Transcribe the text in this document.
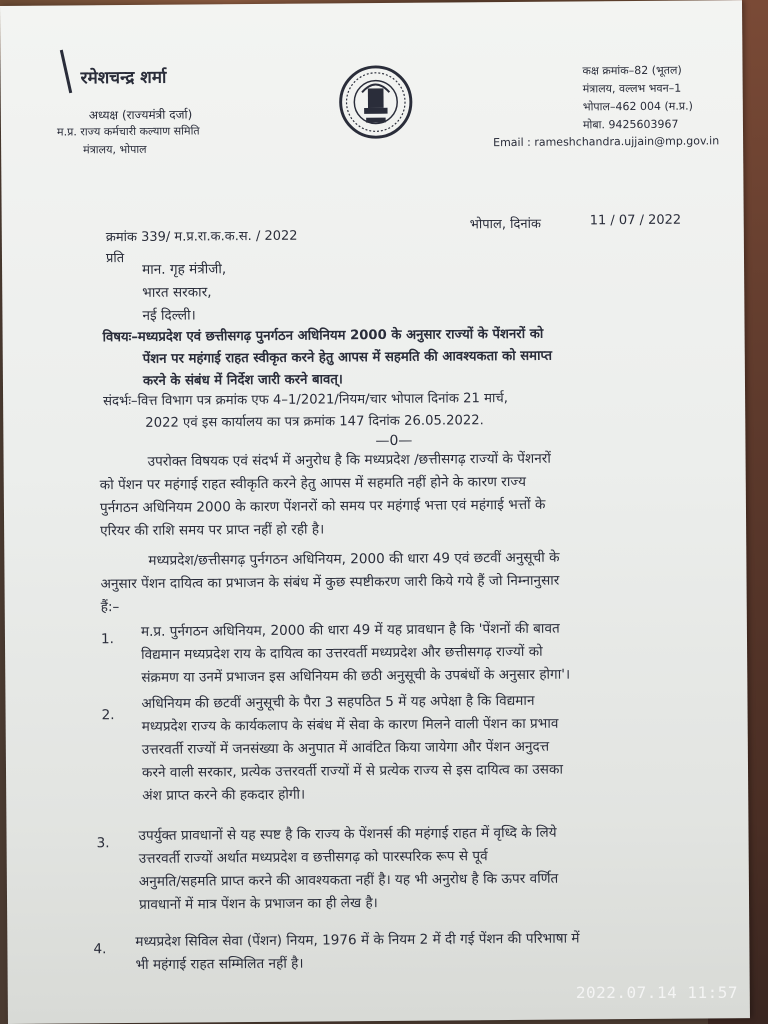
रमेशचन्द्र शर्मा
अध्यक्ष (राज्यमंत्री दर्जा)
म.प्र. राज्य कर्मचारी कल्याण समिति
मंत्रालय, भोपाल
कक्ष क्रमांक–82 (भूतल)
मंत्रालय, वल्लभ भवन–1
भोपाल–462 004 (म.प्र.)
मोबा. 9425603967
Email : rameshchandra.ujjain@mp.gov.in
क्रमांक 339/ म.प्र.रा.क.क.स. / 2022
भोपाल, दिनांक	11 / 07 / 2022
प्रति
मान. गृह मंत्रीजी,
भारत सरकार,
नई दिल्ली।
विषयः–मध्यप्रदेश एवं छत्तीसगढ़ पुनर्गठन अधिनियम 2000 के अनुसार राज्यों के पेंशनरों को
पेंशन पर महंगाई राहत स्वीकृत करने हेतु आपस में सहमति की आवश्यकता को समाप्त
करने के संबंध में निर्देश जारी करने बावत्।
संदर्भः–वित्त विभाग पत्र क्रमांक एफ 4–1/2021/नियम/चार भोपाल दिनांक 21 मार्च,
2022 एवं इस कार्यालय का पत्र क्रमांक 147 दिनांक 26.05.2022.
—0—
उपरोक्त विषयक एवं संदर्भ में अनुरोध है कि मध्यप्रदेश /छत्तीसगढ़ राज्यों के पेंशनरों
को पेंशन पर महंगाई राहत स्वीकृति करने हेतु आपस में सहमति नहीं होने के कारण राज्य
पुर्नगठन अधिनियम 2000 के कारण पेंशनरों को समय पर महंगाई भत्ता एवं महंगाई भत्तों के
एरियर की राशि समय पर प्राप्त नहीं हो रही है।
मध्यप्रदेश/छत्तीसगढ़ पुर्नगठन अधिनियम, 2000 की धारा 49 एवं छटवीं अनुसूची के
अनुसार पेंशन दायित्व का प्रभाजन के संबंध में कुछ स्पष्टीकरण जारी किये गये हैं जो निम्नानुसार
हैं:–
1. म.प्र. पुर्नगठन अधिनियम, 2000 की धारा 49 में यह प्रावधान है कि 'पेंशनों की बावत
विद्यमान मध्यप्रदेश राय के दायित्व का उत्तरवर्ती मध्यप्रदेश और छत्तीसगढ़ राज्यों को
संक्रमण या उनमें प्रभाजन इस अधिनियम की छठी अनुसूची के उपबंधों के अनुसार होगा'।
2.
अधिनियम की छटवीं अनुसूची के पैरा 3 सहपठित 5 में यह अपेक्षा है कि विद्यमान
मध्यप्रदेश राज्य के कार्यकलाप के संबंध में सेवा के कारण मिलने वाली पेंशन का प्रभाव
उत्तरवर्ती राज्यों में जनसंख्या के अनुपात में आवंटित किया जायेगा और पेंशन अनुदत्त
करने वाली सरकार, प्रत्येक उत्तरवर्ती राज्यों में से प्रत्येक राज्य से इस दायित्व का उसका
अंश प्राप्त करने की हकदार होगी।
3. उपर्युक्त प्रावधानों से यह स्पष्ट है कि राज्य के पेंशनर्स की महंगाई राहत में वृध्दि के लिये
उत्तरवर्ती राज्यों अर्थात मध्यप्रदेश व छत्तीसगढ़ को पारस्परिक रूप से पूर्व
अनुमति/सहमति प्राप्त करने की आवश्यकता नहीं है। यह भी अनुरोध है कि ऊपर वर्णित
प्रावधानों में मात्र पेंशन के प्रभाजन का ही लेख है।
4. मध्यप्रदेश सिविल सेवा (पेंशन) नियम, 1976 में के नियम 2 में दी गई पेंशन की परिभाषा में
भी महंगाई राहत सम्मिलित नहीं है।
2022.07.14 11:57
